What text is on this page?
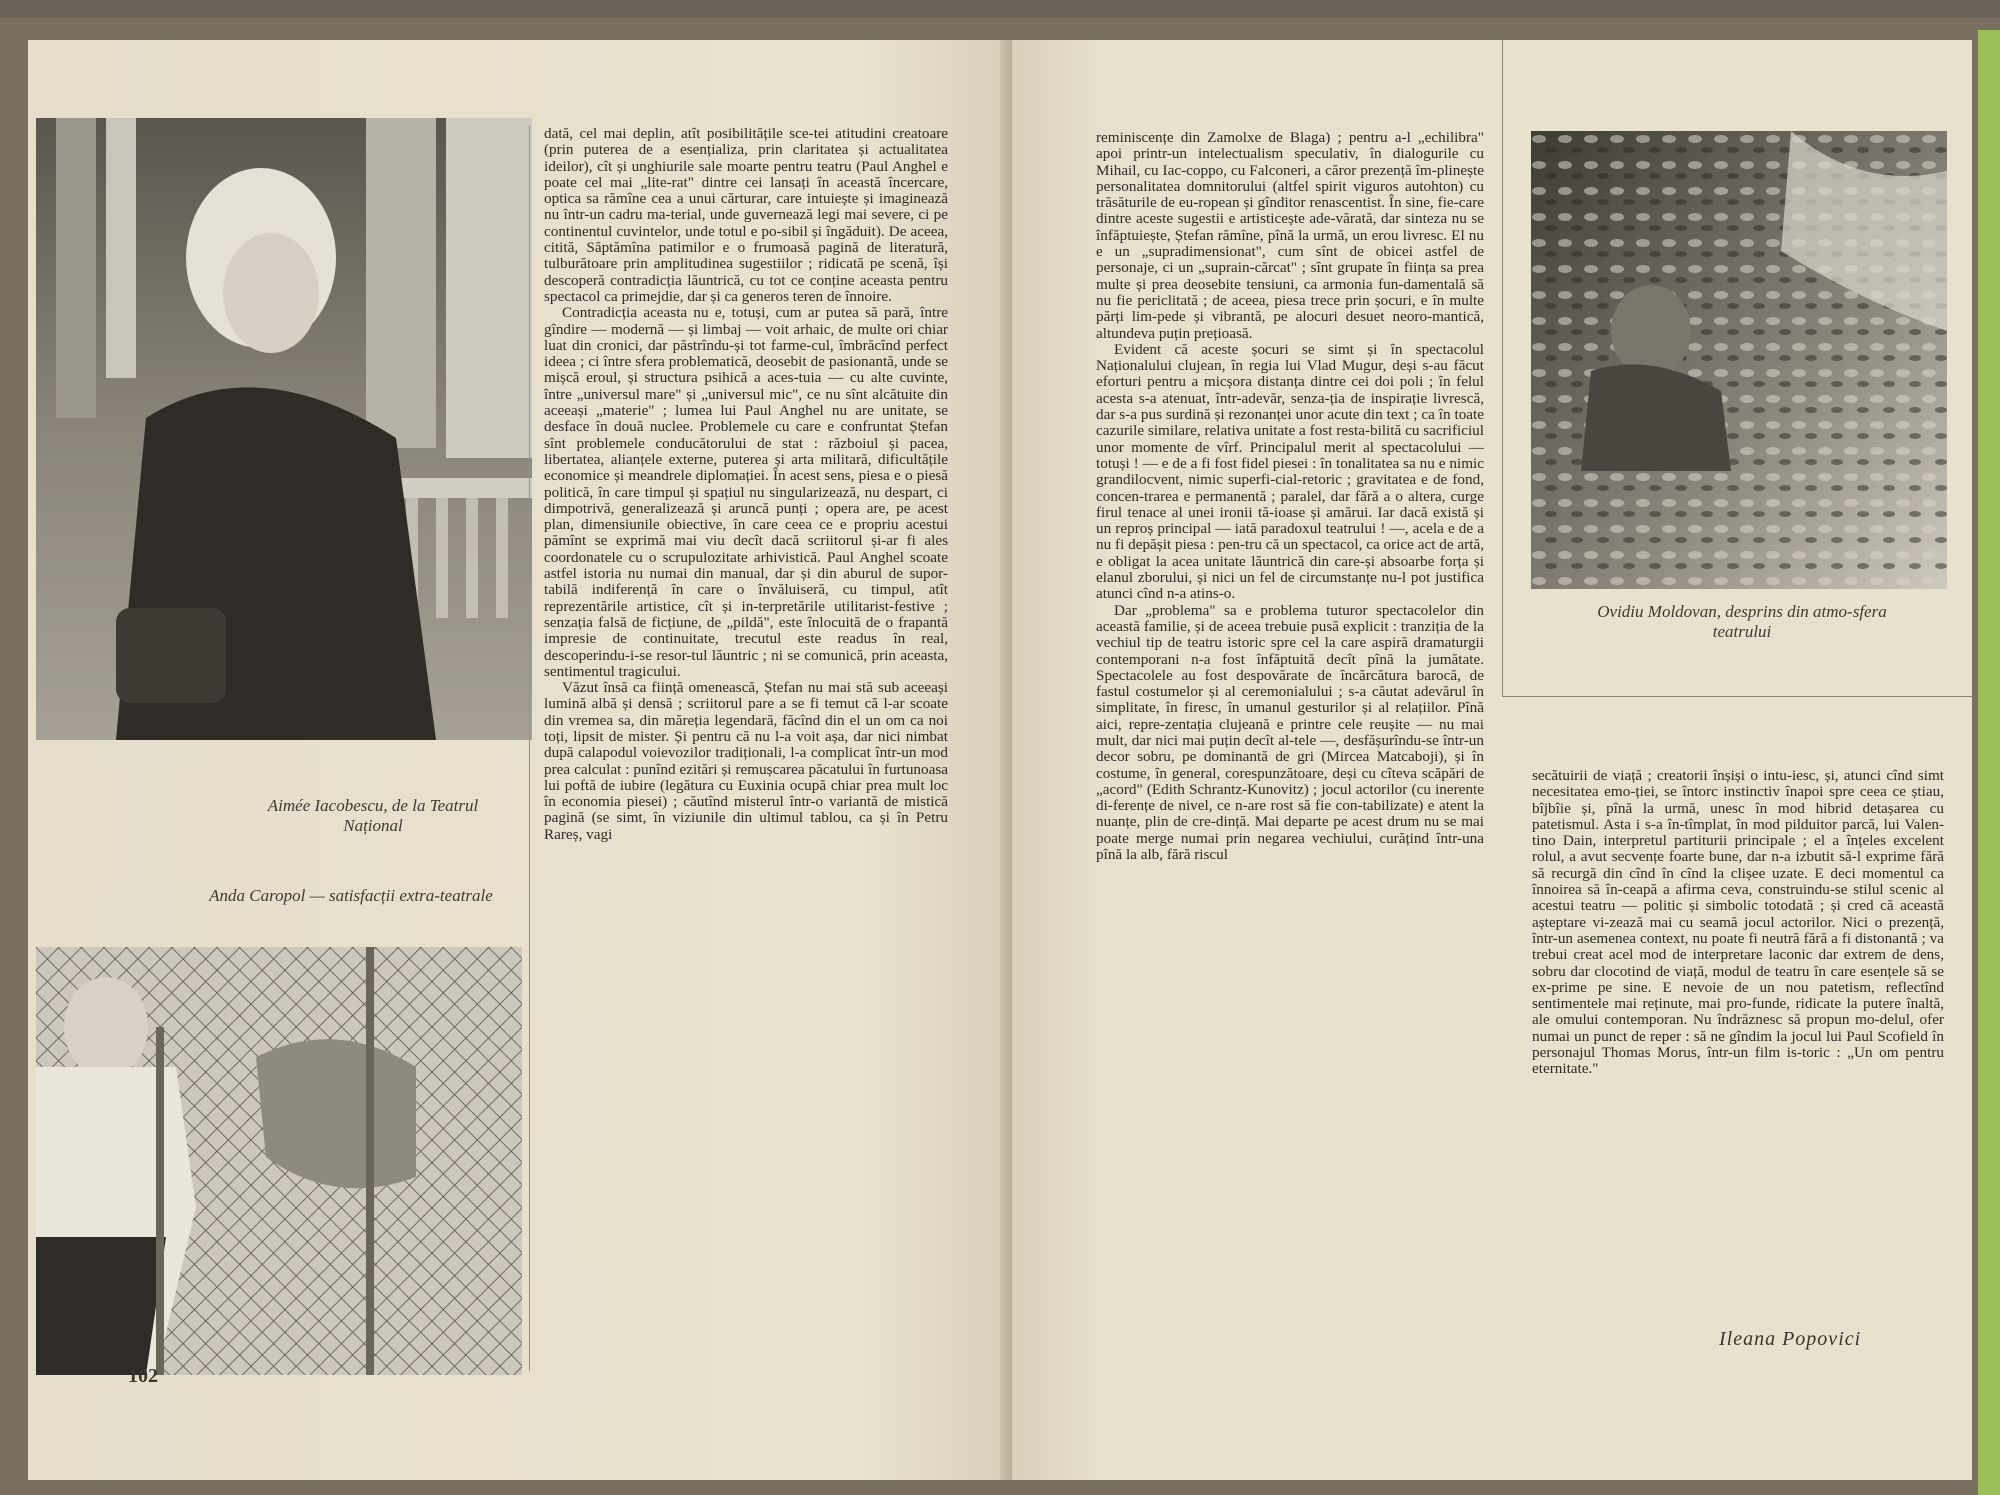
Aimée Iacobescu, de la Teatrul Național
Anda Caropol — satisfacții extra-teatrale
102

dată, cel mai deplin, atît posibilitățile sce-tei atitudini creatoare (prin puterea de a esențializa, prin claritatea și actualitatea ideilor), cît și unghiurile sale moarte pentru teatru (Paul Anghel e poate cel mai „lite-rat" dintre cei lansați în această încercare, optica sa rămîne cea a unui cărturar, care intuiește și imaginează nu într-un cadru ma-terial, unde guvernează legi mai severe, ci pe continentul cuvintelor, unde totul e po-sibil și îngăduit). De aceea, citită, Săptămîna patimilor e o frumoasă pagină de literatură, tulburătoare prin amplitudinea sugestiilor ; ridicată pe scenă, își descoperă contradicția lăuntrică, cu tot ce conține aceasta pentru spectacol ca primejdie, dar și ca generos teren de înnoire.

Contradicția aceasta nu e, totuși, cum ar putea să pară, între gîndire — modernă — și limbaj — voit arhaic, de multe ori chiar luat din cronici, dar păstrîndu-și tot farme-cul, îmbrăcînd perfect ideea ; ci între sfera problematică, deosebit de pasionantă, unde se mișcă eroul, și structura psihică a aces-tuia — cu alte cuvinte, între „universul mare" și „universul mic", ce nu sînt alcătuite din aceeași „materie" ; lumea lui Paul Anghel nu are unitate, se desface în două nuclee. Problemele cu care e confruntat Ștefan sînt problemele conducătorului de stat : războiul și pacea, libertatea, alianțele externe, puterea și arta militară, dificultățile economice și meandrele diplomației. În acest sens, piesa e o piesă politică, în care timpul și spațiul nu singularizează, nu despart, ci dimpotrivă, generalizează și aruncă punți ; opera are, pe acest plan, dimensiunile obiective, în care ceea ce e propriu acestui pămînt se exprimă mai viu decît dacă scriitorul și-ar fi ales coordonatele cu o scrupulozitate arhivistică. Paul Anghel scoate astfel istoria nu numai din manual, dar și din aburul de supor-tabilă indiferență în care o învăluiseră, cu timpul, atît reprezentările artistice, cît și in-terpretările utilitarist-festive ; senzația falsă de ficțiune, de „pildă", este înlocuită de o frapantă impresie de continuitate, trecutul este readus în real, descoperindu-i-se resor-tul lăuntric ; ni se comunică, prin aceasta, sentimentul tragicului.

Văzut însă ca ființă omenească, Ștefan nu mai stă sub aceeași lumină albă și densă ; scriitorul pare a se fi temut că l-ar scoate din vremea sa, din măreția legendară, făcînd din el un om ca noi toți, lipsit de mister. Și pentru că nu l-a voit așa, dar nici nimbat după calapodul voievozilor tradiționali, l-a complicat într-un mod prea calculat : punînd ezitări și remușcarea păcatului în furtunoasa lui poftă de iubire (legătura cu Euxinia ocupă chiar prea mult loc în economia piesei) ; căutînd misterul într-o variantă de mistică pagină (se simt, în viziunile din ultimul tablou, ca și în Petru Rareș, vagi

reminiscențe din Zamolxe de Blaga) ; pentru a-l „echilibra" apoi printr-un intelectualism speculativ, în dialogurile cu Mihail, cu Iac-coppo, cu Falconeri, a căror prezență îm-plinește personalitatea domnitorului (altfel spirit viguros autohton) cu trăsăturile de eu-ropean și gînditor renascentist. În sine, fie-care dintre aceste sugestii e artisticește ade-vărată, dar sinteza nu se înfăptuiește, Ștefan rămîne, pînă la urmă, un erou livresc. El nu e un „supradimensionat", cum sînt de obicei astfel de personaje, ci un „suprain-cărcat" ; sînt grupate în ființa sa prea multe și prea deosebite tensiuni, ca armonia fun-damentală să nu fie periclitată ; de aceea, piesa trece prin șocuri, e în multe părți lim-pede și vibrantă, pe alocuri desuet neoro-mantică, altundeva puțin prețioasă.

Evident că aceste șocuri se simt și în spectacolul Naționalului clujean, în regia lui Vlad Mugur, deși s-au făcut eforturi pentru a micșora distanța dintre cei doi poli ; în felul acesta s-a atenuat, într-adevăr, senza-ția de inspirație livrescă, dar s-a pus surdină și rezonanței unor acute din text ; ca în toate cazurile similare, relativa unitate a fost resta-bilită cu sacrificiul unor momente de vîrf. Principalul merit al spectacolului — totuși ! — e de a fi fost fidel piesei : în tonalitatea sa nu e nimic grandilocvent, nimic superfi-cial-retoric ; gravitatea e de fond, concen-trarea e permanentă ; paralel, dar fără a o altera, curge firul tenace al unei ironii tă-ioase și amărui. Iar dacă există și un reproș principal — iată paradoxul teatrului ! —, acela e de a nu fi depășit piesa : pen-tru că un spectacol, ca orice act de artă, e obligat la acea unitate lăuntrică din care-și absoarbe forța și elanul zborului, și nici un fel de circumstanțe nu-l pot justifica atunci cînd n-a atins-o.

Dar „problema" sa e problema tuturor spectacolelor din această familie, și de aceea trebuie pusă explicit : tranziția de la vechiul tip de teatru istoric spre cel la care aspiră dramaturgii contemporani n-a fost înfăptuită decît pînă la jumătate. Spectacolele au fost despovărate de încărcătura barocă, de fastul costumelor și al ceremonialului ; s-a căutat adevărul în simplitate, în firesc, în umanul gesturilor și al relațiilor. Pînă aici, repre-zentația clujeană e printre cele reușite — nu mai mult, dar nici mai puțin decît al-tele —, desfășurîndu-se într-un decor sobru, pe dominantă de gri (Mircea Matcaboji), și în costume, în general, corespunzătoare, deși cu cîteva scăpări de „acord" (Edith Schrantz-Kunovitz) ; jocul actorilor (cu inerente di-ferențe de nivel, ce n-are rost să fie con-tabilizate) e atent la nuanțe, plin de cre-dință. Mai departe pe acest drum nu se mai poate merge numai prin negarea vechiului, curățind într-una pînă la alb, fără riscul

Ovidiu Moldovan, desprins din atmo-sfera teatrului

secătuirii de viață ; creatorii înșiși o intu-iesc, și, atunci cînd simt necesitatea emo-ției, se întorc instinctiv înapoi spre ceea ce știau, bîjbîie și, pînă la urmă, unesc în mod hibrid detașarea cu patetismul. Asta i s-a în-tîmplat, în mod pilduitor parcă, lui Valen-tino Dain, interpretul partiturii principale ; el a înțeles excelent rolul, a avut secvențe foarte bune, dar n-a izbutit să-l exprime fără să recurgă din cînd în cînd la clișee uzate. E deci momentul ca înnoirea să în-ceapă a afirma ceva, construindu-se stilul scenic al acestui teatru — politic și simbolic totodată ; și cred că această așteptare vi-zează mai cu seamă jocul actorilor. Nici o prezență, într-un asemenea context, nu poate fi neutră fără a fi distonantă ; va trebui creat acel mod de interpretare laconic dar extrem de dens, sobru dar clocotind de viață, modul de teatru în care esențele să se ex-prime pe sine. E nevoie de un nou patetism, reflectînd sentimentele mai reținute, mai pro-funde, ridicate la putere înaltă, ale omului contemporan. Nu îndrăznesc să propun mo-delul, ofer numai un punct de reper : să ne gîndim la jocul lui Paul Scofield în personajul Thomas Morus, într-un film is-toric : „Un om pentru eternitate."

Ileana Popovici
